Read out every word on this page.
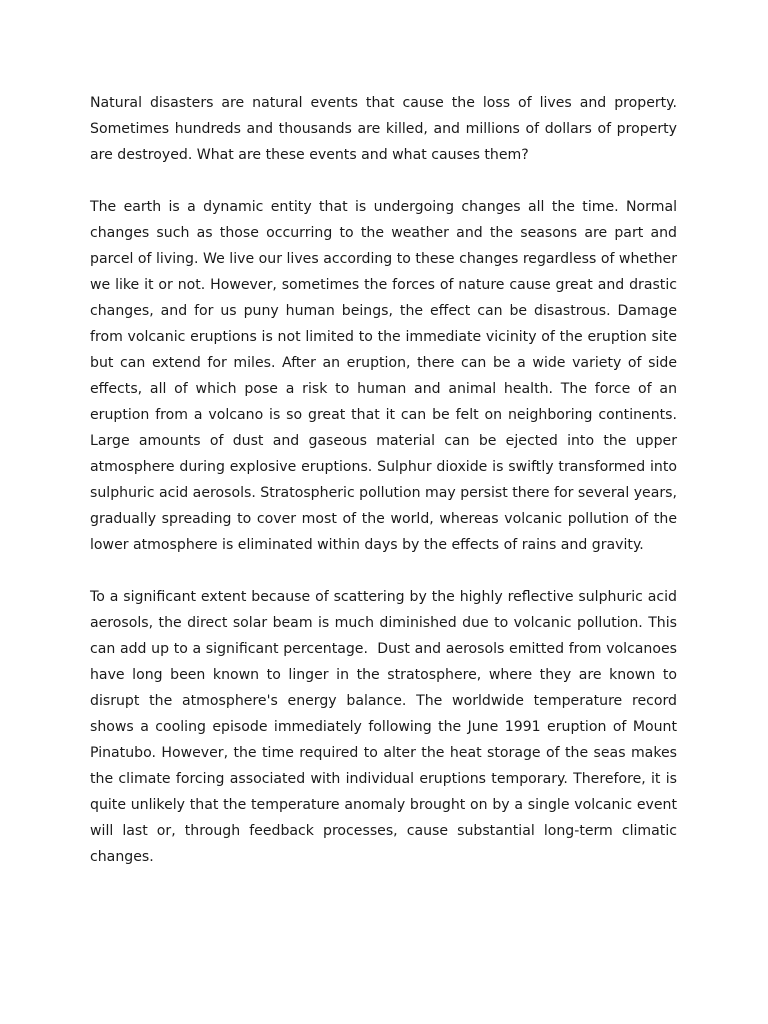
Natural disasters are natural events that cause the loss of lives and property. Sometimes hundreds and thousands are killed, and millions of dollars of property are destroyed. What are these events and what causes them?

The earth is a dynamic entity that is undergoing changes all the time. Normal changes such as those occurring to the weather and the seasons are part and parcel of living. We live our lives according to these changes regardless of whether we like it or not. However, sometimes the forces of nature cause great and drastic changes, and for us puny human beings, the effect can be disastrous. Damage from volcanic eruptions is not limited to the immediate vicinity of the eruption site but can extend for miles. After an eruption, there can be a wide variety of side effects, all of which pose a risk to human and animal health. The force of an eruption from a volcano is so great that it can be felt on neighboring continents. Large amounts of dust and gaseous material can be ejected into the upper atmosphere during explosive eruptions. Sulphur dioxide is swiftly transformed into sulphuric acid aerosols. Stratospheric pollution may persist there for several years, gradually spreading to cover most of the world, whereas volcanic pollution of the lower atmosphere is eliminated within days by the effects of rains and gravity.

To a significant extent because of scattering by the highly reflective sulphuric acid aerosols, the direct solar beam is much diminished due to volcanic pollution. This can add up to a significant percentage.  Dust and aerosols emitted from volcanoes have long been known to linger in the stratosphere, where they are known to disrupt the atmosphere's energy balance. The worldwide temperature record shows a cooling episode immediately following the June 1991 eruption of Mount Pinatubo. However, the time required to alter the heat storage of the seas makes the climate forcing associated with individual eruptions temporary. Therefore, it is quite unlikely that the temperature anomaly brought on by a single volcanic event will last or, through feedback processes, cause substantial long-term climatic changes.
